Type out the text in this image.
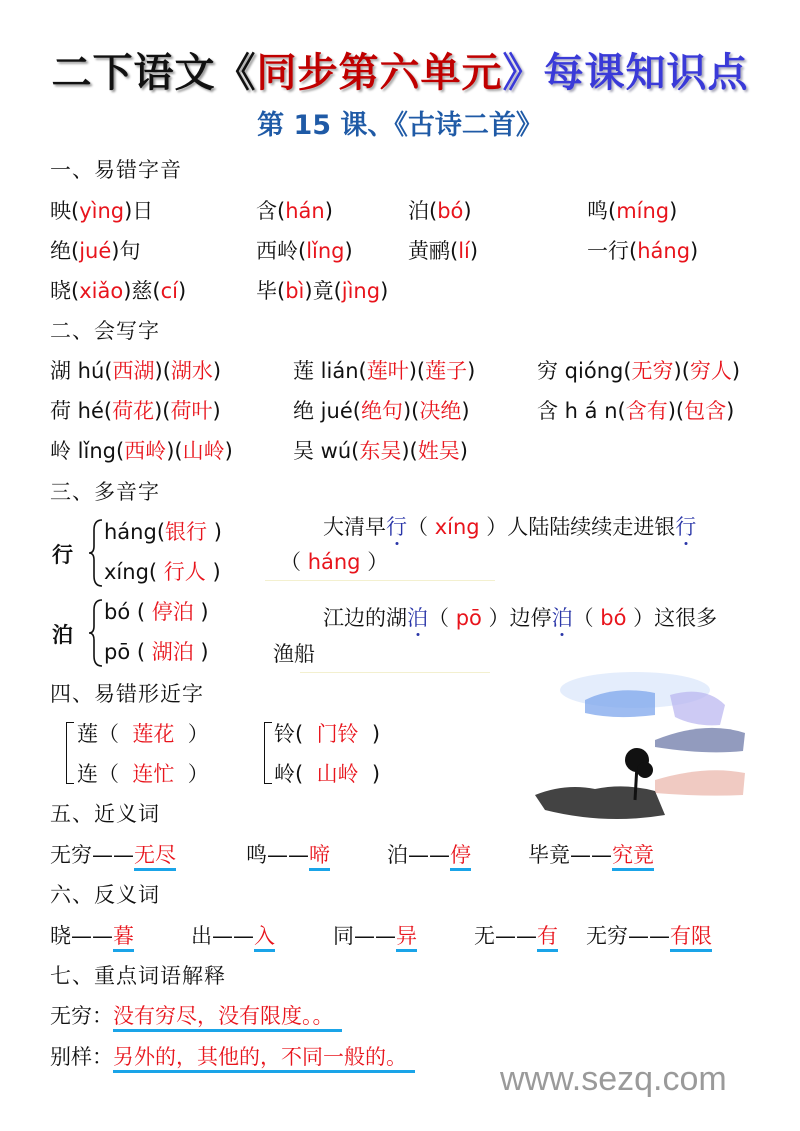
二下语文《同步第六单元》每课知识点
第 15 课、《古诗二首》
一、易错字音
映(yìng)日	含(hán)	泊(bó)	鸣(míng)
绝(jué)句	西岭(lǐng)	黄鹂(lí)	一行(háng)
晓(xiǎo)慈(cí)	毕(bì)竟(jìng)
二、会写字
湖 hú(西湖)(湖水)	莲 lián(莲叶)(莲子)	穷 qióng(无穷)(穷人)
荷 hé(荷花)(荷叶)	绝 jué(绝句)(决绝)	含 h á n(含有)(包含)
岭 lǐng(西岭)(山岭)	吴 wú(东吴)(姓吴)
三、多音字
行
háng(银行 )
xíng( 行人 )
大清早行（ xíng ）人陆陆续续走进银行
（ háng ）
泊
bó ( 停泊 )
pō ( 湖泊 )
江边的湖泊（ pō ）边停泊（ bó ）这很多
渔船
四、易错形近字
莲（ 莲花 ）
连（ 连忙 ）
铃( 门铃 )
岭( 山岭 )
五、近义词
无穷——无尽	鸣——啼	泊——停	毕竟——究竟
六、反义词
晓——暮	出——入	同——异	无——有 无穷——有限
七、重点词语解释
无穷：没有穷尽，没有限度。。
别样：另外的，其他的，不同一般的。
www.sezq.com
